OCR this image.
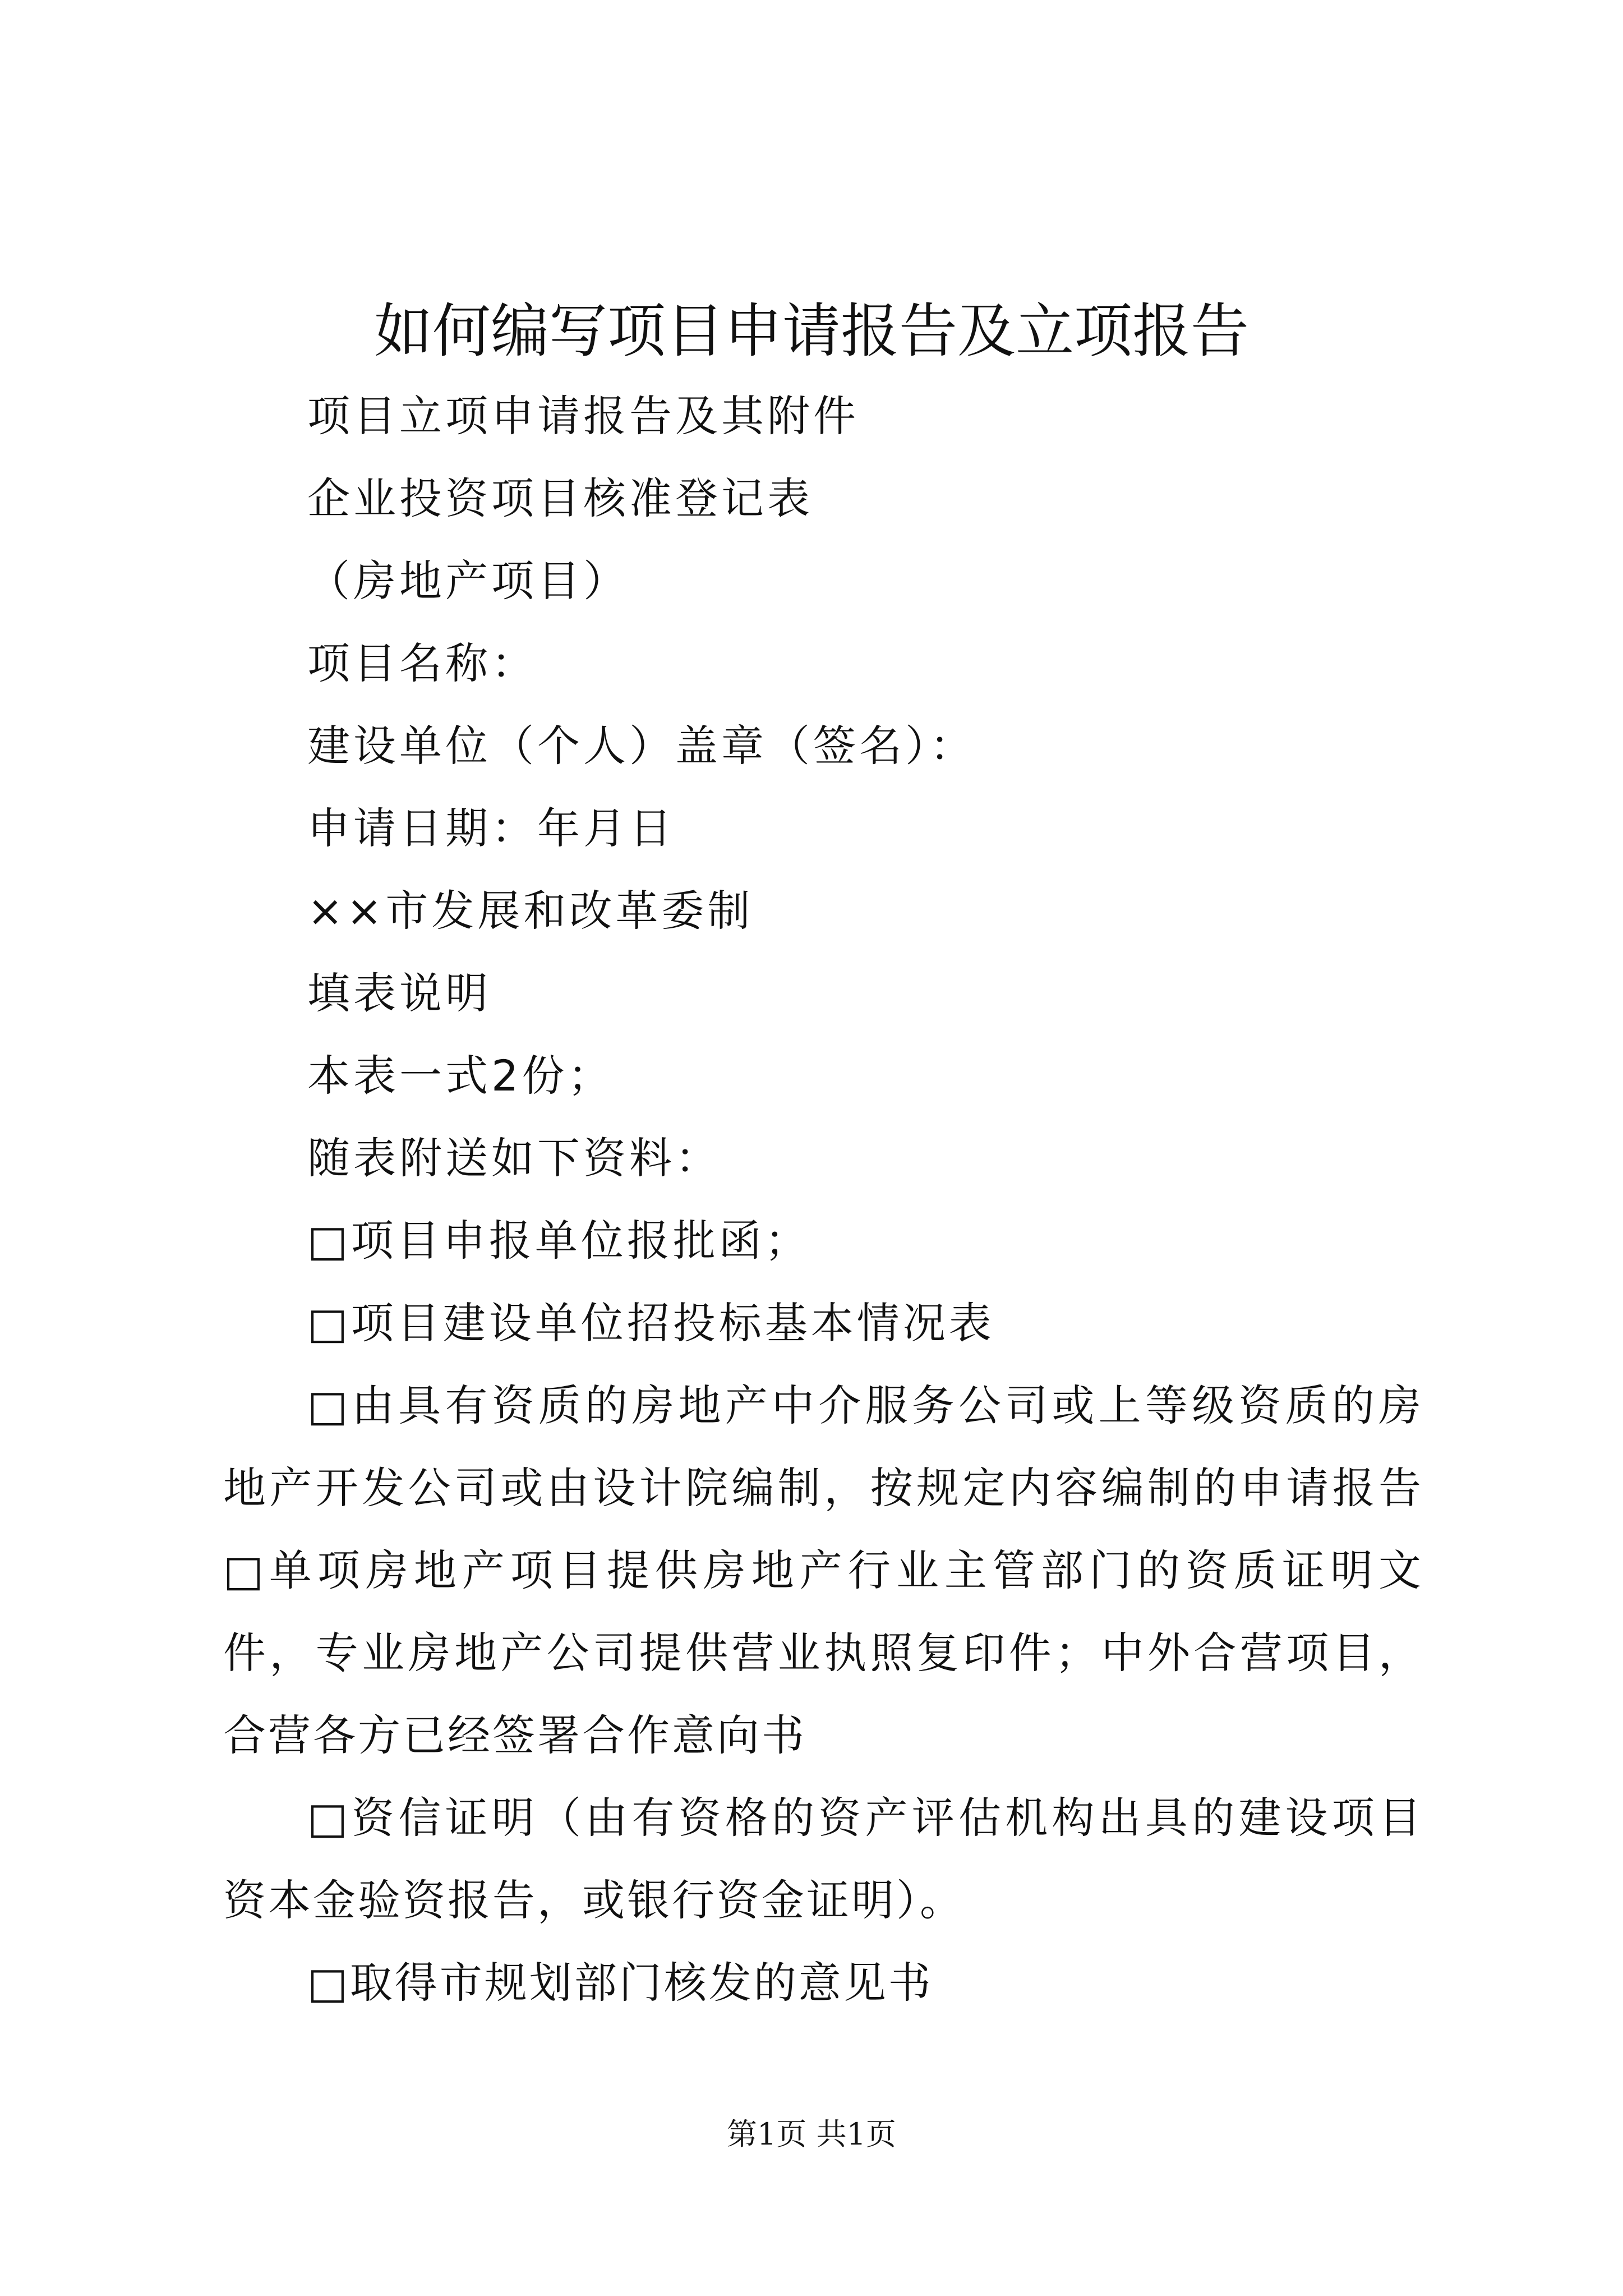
如何编写项目申请报告及立项报告

项目立项申请报告及其附件

企业投资项目核准登记表

（房地产项目）

项目名称：

建设单位（个人）盖章（签名）：

申请日期：年月日

××市发展和改革委制

填表说明

本表一式2份；

随表附送如下资料：

□项目申报单位报批函；

□项目建设单位招投标基本情况表

□由具有资质的房地产中介服务公司或上等级资质的房地产开发公司或由设计院编制，按规定内容编制的申请报告□单项房地产项目提供房地产行业主管部门的资质证明文件，专业房地产公司提供营业执照复印件；中外合营项目，合营各方已经签署合作意向书

□资信证明（由有资格的资产评估机构出具的建设项目资本金验资报告，或银行资金证明）。

□取得市规划部门核发的意见书

第1页 共1页
